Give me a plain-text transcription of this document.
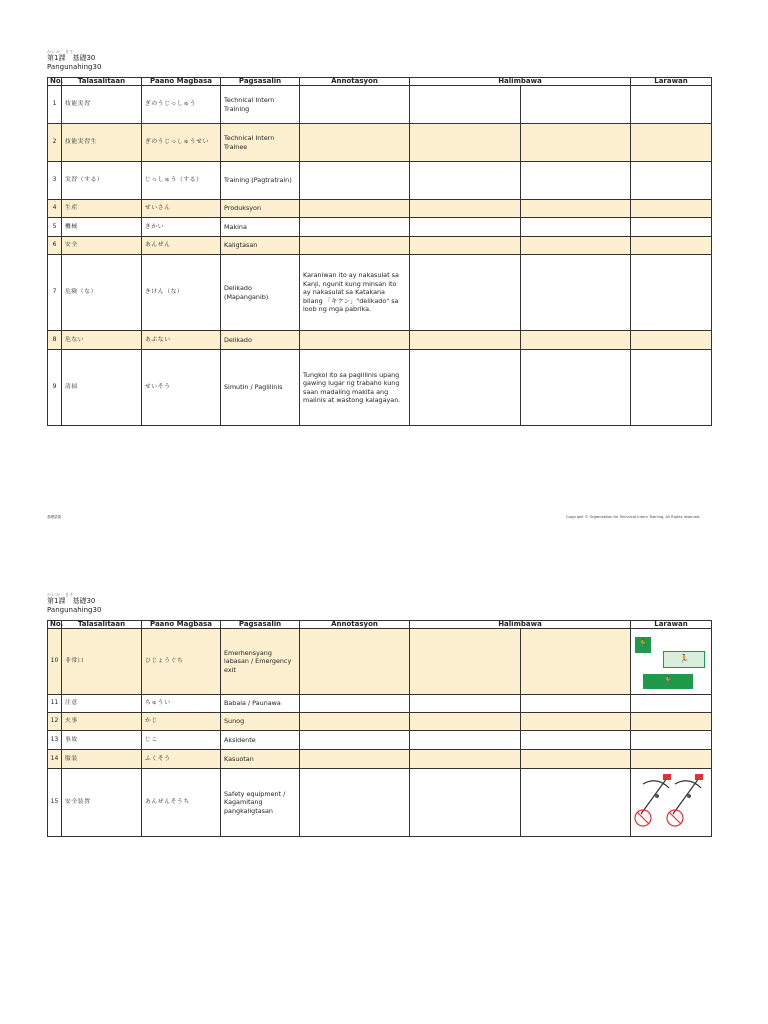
かいか　きそ
第1課　基礎30
Pangunahing30
No.	Talasalitaan	Paano Magbasa	Pagsasalin	Annotasyon	Halimbawa		Larawan
1	技能実習	ぎのうじっしゅう	Technical Intern Training				
2	技能実習生	ぎのうじっしゅうせい	Technical Intern Trainee				
3	実習（する）	じっしゅう（する）	Training (Pagtratrain)				
4	生産	せいさん	Produksyon				
5	機械	きかい	Makina				
6	安全	あんぜん	Kaligtasan				
7	危険（な）	きけん（な）	Delikado (Mapanganib)	Karaniwan ito ay nakasulat sa Kanji, ngunit kung minsan ito ay nakasulat sa Katakana bilang 「キケン」"delikado" sa loob ng mga pabrika.			
8	危ない	あぶない	Delikado				
9	清掃	せいそう	Simutin / Paglilinis	Tungkol ito sa paglilinis upang gawing lugar ng trabaho kung saan madaling makita ang malinis at wastong kalagayan.			
基礎語彙	Copyright © Organization for Technical Intern Training, All Rights reserved.
かいか　きそ
第1課　基礎30
Pangunahing30
No.	Talasalitaan	Paano Magbasa	Pagsasalin	Annotasyon	Halimbawa		Larawan
10	非常口	ひじょうぐち	Emerhensyang labasan / Emergency exit				🏃
🏃
🏃

11	注意	ちゅうい	Babala / Paunawa				
12	火事	かじ	Sunog				
13	事故	じこ	Aksidente				
14	服装	ふくそう	Kasuotan				
15	安全装置	あんぜんそうち	Safety equipment / Kagamitang pangkaligtasan				
